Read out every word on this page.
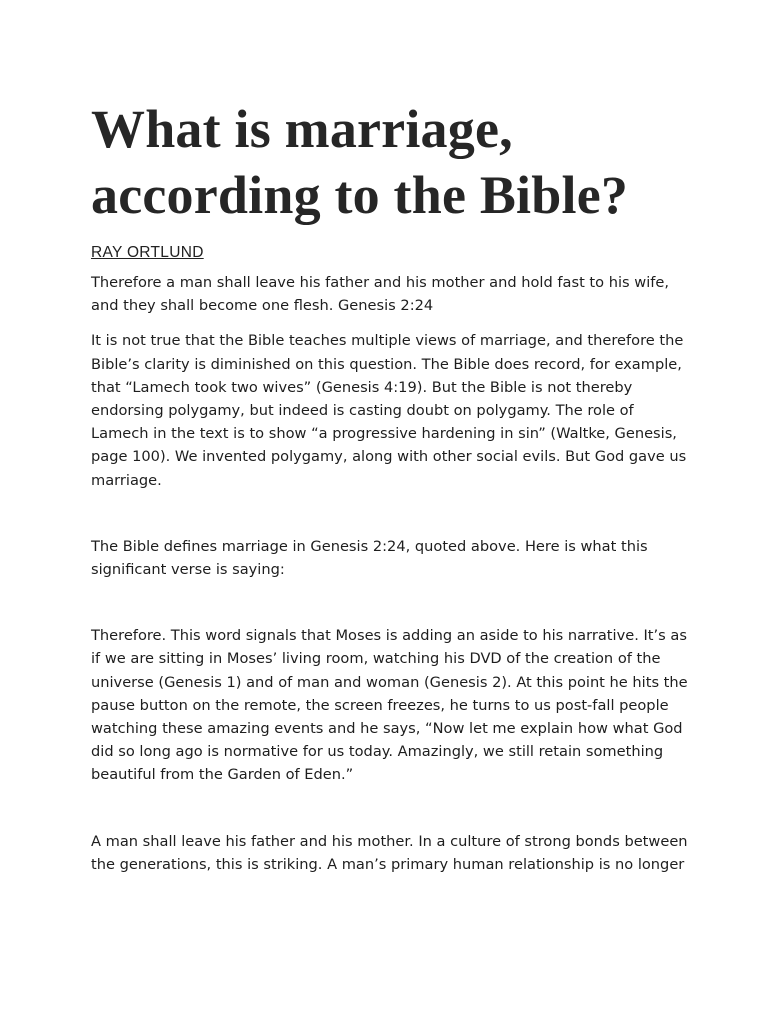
What is marriage, according to the Bible?
RAY ORTLUND

Therefore a man shall leave his father and his mother and hold fast to his wife, and they shall become one flesh. Genesis 2:24

It is not true that the Bible teaches multiple views of marriage, and therefore the Bible’s clarity is diminished on this question. The Bible does record, for example, that “Lamech took two wives” (Genesis 4:19). But the Bible is not thereby endorsing polygamy, but indeed is casting doubt on polygamy. The role of Lamech in the text is to show “a progressive hardening in sin” (Waltke, Genesis, page 100). We invented polygamy, along with other social evils. But God gave us marriage.

The Bible defines marriage in Genesis 2:24, quoted above. Here is what this significant verse is saying:

Therefore. This word signals that Moses is adding an aside to his narrative. It’s as if we are sitting in Moses’ living room, watching his DVD of the creation of the universe (Genesis 1) and of man and woman (Genesis 2). At this point he hits the pause button on the remote, the screen freezes, he turns to us post-fall people watching these amazing events and he says, “Now let me explain how what God did so long ago is normative for us today. Amazingly, we still retain something beautiful from the Garden of Eden.”

A man shall leave his father and his mother. In a culture of strong bonds between the generations, this is striking. A man’s primary human relationship is no longer
